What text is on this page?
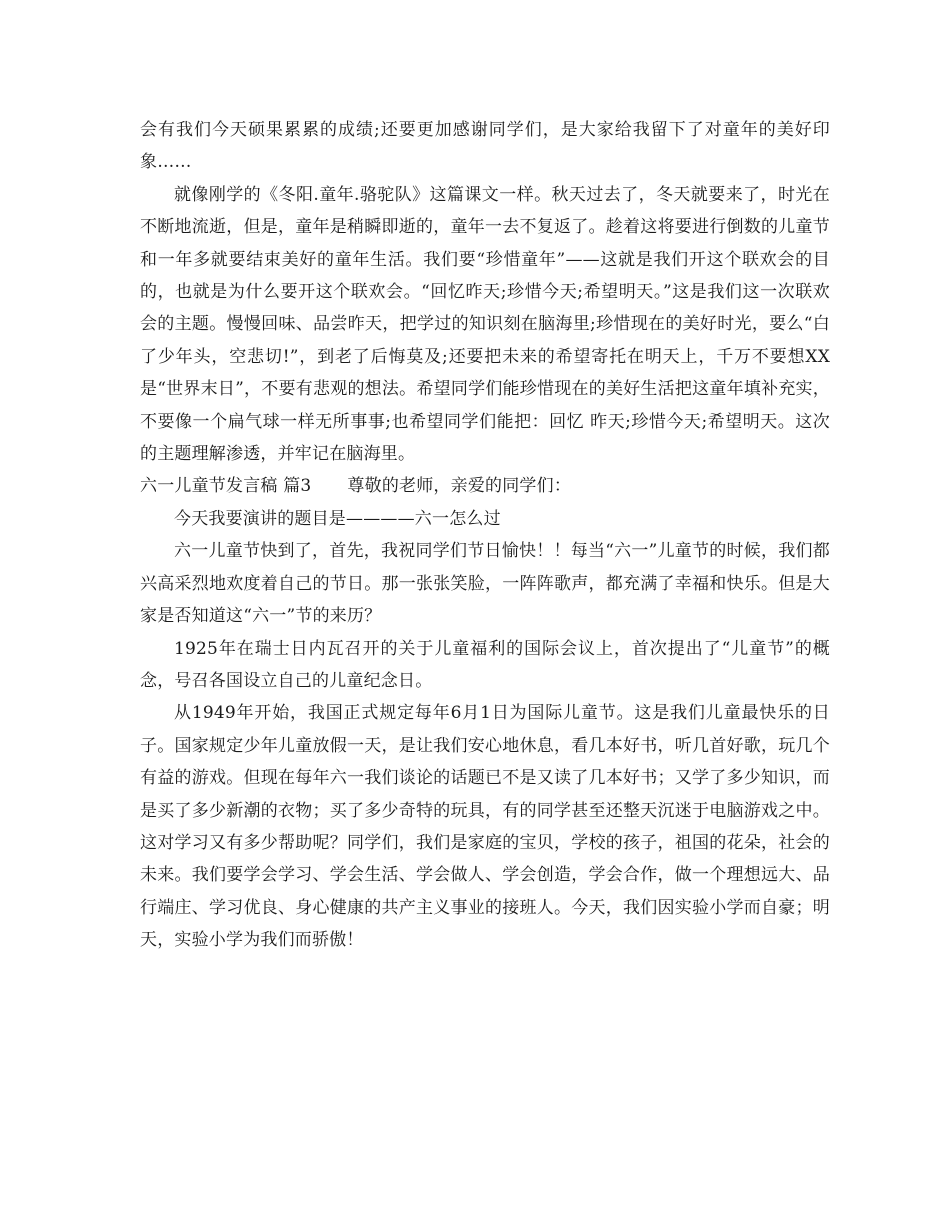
会有我们今天硕果累累的成绩;还要更加感谢同学们，是大家给我留下了对童年的美好印象……

就像刚学的《冬阳.童年.骆驼队》这篇课文一样。秋天过去了，冬天就要来了，时光在不断地流逝，但是，童年是稍瞬即逝的，童年一去不复返了。趁着这将要进行倒数的儿童节和一年多就要结束美好的童年生活。我们要“珍惜童年”——这就是我们开这个联欢会的目的，也就是为什么要开这个联欢会。“回忆昨天;珍惜今天;希望明天。”这是我们这一次联欢会的主题。慢慢回味、品尝昨天，把学过的知识刻在脑海里;珍惜现在的美好时光，要么“白了少年头，空悲切!”，到老了后悔莫及;还要把未来的希望寄托在明天上，千万不要想XX是“世界末日”，不要有悲观的想法。希望同学们能珍惜现在的美好生活把这童年填补充实，不要像一个扁气球一样无所事事;也希望同学们能把：回忆 昨天;珍惜今天;希望明天。这次的主题理解渗透，并牢记在脑海里。

六一儿童节发言稿 篇3 尊敬的老师，亲爱的同学们：

今天我要演讲的题目是————六一怎么过

六一儿童节快到了，首先，我祝同学们节日愉快！！每当“六一”儿童节的时候，我们都兴高采烈地欢度着自己的节日。那一张张笑脸，一阵阵歌声，都充满了幸福和快乐。但是大家是否知道这“六一”节的来历？

1925年在瑞士日内瓦召开的关于儿童福利的国际会议上，首次提出了“儿童节”的概念，号召各国设立自己的儿童纪念日。

从1949年开始，我国正式规定每年6月1日为国际儿童节。这是我们儿童最快乐的日子。国家规定少年儿童放假一天，是让我们安心地休息，看几本好书，听几首好歌，玩几个有益的游戏。但现在每年六一我们谈论的话题已不是又读了几本好书；又学了多少知识，而是买了多少新潮的衣物；买了多少奇特的玩具，有的同学甚至还整天沉迷于电脑游戏之中。这对学习又有多少帮助呢？同学们，我们是家庭的宝贝，学校的孩子，祖国的花朵，社会的未来。我们要学会学习、学会生活、学会做人、学会创造，学会合作，做一个理想远大、品行端庄、学习优良、身心健康的共产主义事业的接班人。今天，我们因实验小学而自豪；明天，实验小学为我们而骄傲！
